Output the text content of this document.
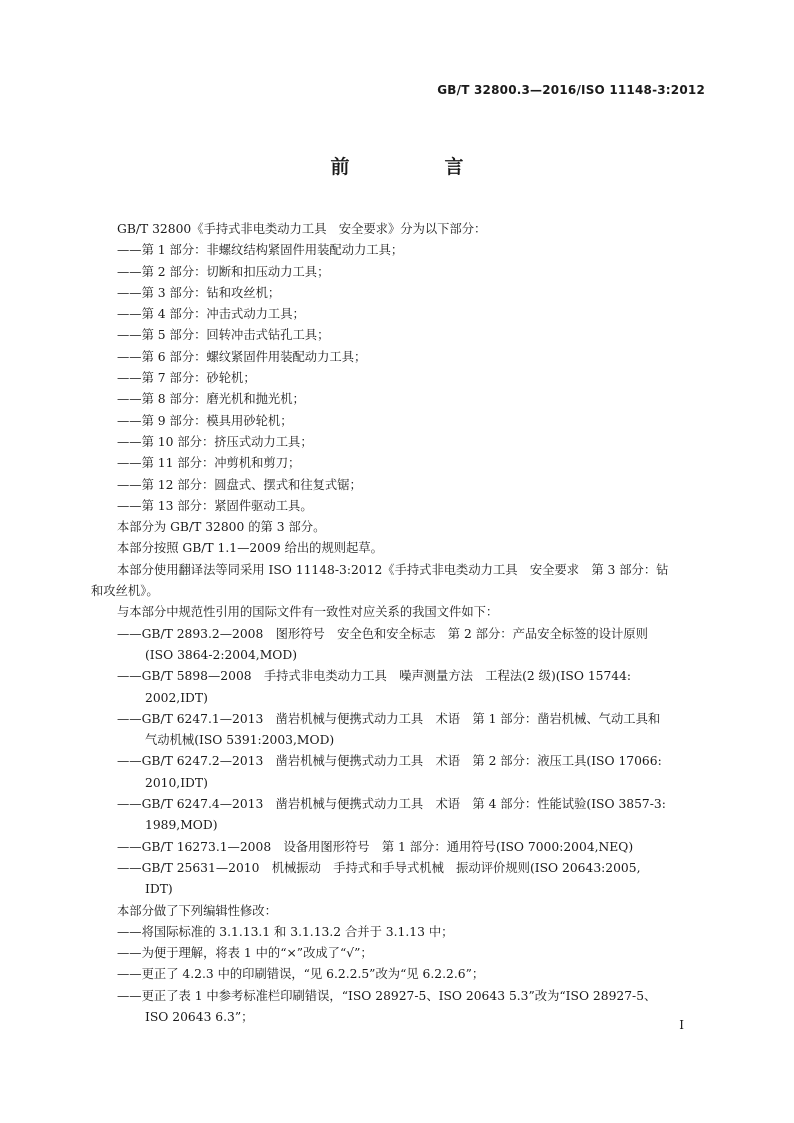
GB/T 32800.3—2016/ISO 11148-3:2012
前　言
GB/T 32800《手持式非电类动力工具　安全要求》分为以下部分：
——第 1 部分：非螺纹结构紧固件用装配动力工具；
——第 2 部分：切断和扣压动力工具；
——第 3 部分：钻和攻丝机；
——第 4 部分：冲击式动力工具；
——第 5 部分：回转冲击式钻孔工具；
——第 6 部分：螺纹紧固件用装配动力工具；
——第 7 部分：砂轮机；
——第 8 部分：磨光机和抛光机；
——第 9 部分：模具用砂轮机；
——第 10 部分：挤压式动力工具；
——第 11 部分：冲剪机和剪刀；
——第 12 部分：圆盘式、摆式和往复式锯；
——第 13 部分：紧固件驱动工具。
本部分为 GB/T 32800 的第 3 部分。
本部分按照 GB/T 1.1—2009 给出的规则起草。
本部分使用翻译法等同采用 ISO 11148-3:2012《手持式非电类动力工具　安全要求　第 3 部分：钻
和攻丝机》。
与本部分中规范性引用的国际文件有一致性对应关系的我国文件如下：
——GB/T 2893.2—2008　图形符号　安全色和安全标志　第 2 部分：产品安全标签的设计原则
(ISO 3864-2:2004,MOD)
——GB/T 5898—2008　手持式非电类动力工具　噪声测量方法　工程法(2 级)(ISO 15744:
2002,IDT)
——GB/T 6247.1—2013　凿岩机械与便携式动力工具　术语　第 1 部分：凿岩机械、气动工具和
气动机械(ISO 5391:2003,MOD)
——GB/T 6247.2—2013　凿岩机械与便携式动力工具　术语　第 2 部分：液压工具(ISO 17066:
2010,IDT)
——GB/T 6247.4—2013　凿岩机械与便携式动力工具　术语　第 4 部分：性能试验(ISO 3857-3:
1989,MOD)
——GB/T 16273.1—2008　设备用图形符号　第 1 部分：通用符号(ISO 7000:2004,NEQ)
——GB/T 25631—2010　机械振动　手持式和手导式机械　振动评价规则(ISO 20643:2005,
IDT)
本部分做了下列编辑性修改：
——将国际标准的 3.1.13.1 和 3.1.13.2 合并于 3.1.13 中；
——为便于理解，将表 1 中的“×”改成了“√”；
——更正了 4.2.3 中的印刷错误，“见 6.2.2.5”改为“见 6.2.2.6”；
——更正了表 1 中参考标准栏印刷错误，“ISO 28927-5、ISO 20643 5.3”改为“ISO 28927-5、
ISO 20643 6.3”；
I
